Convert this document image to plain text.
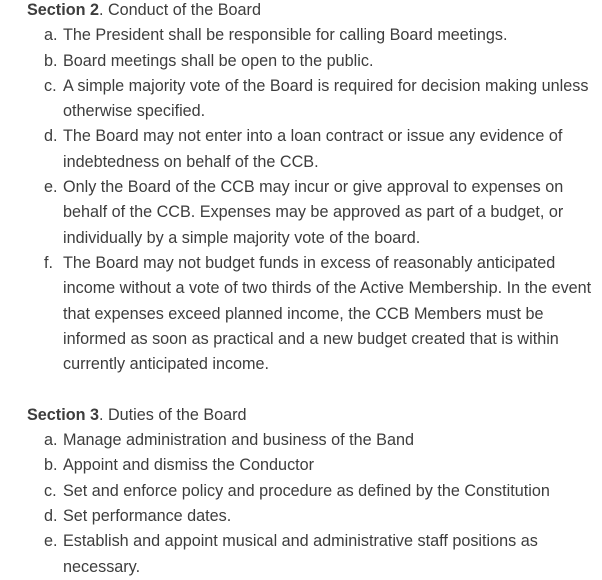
Section 2. Conduct of the Board

a. The President shall be responsible for calling Board meetings.
b. Board meetings shall be open to the public.
c. A simple majority vote of the Board is required for decision making unless otherwise specified.
d. The Board may not enter into a loan contract or issue any evidence of indebtedness on behalf of the CCB.
e. Only the Board of the CCB may incur or give approval to expenses on behalf of the CCB. Expenses may be approved as part of a budget, or individually by a simple majority vote of the board.
f. The Board may not budget funds in excess of reasonably anticipated income without a vote of two thirds of the Active Membership. In the event that expenses exceed planned income, the CCB Members must be informed as soon as practical and a new budget created that is within currently anticipated income.

Section 3. Duties of the Board

a. Manage administration and business of the Band
b. Appoint and dismiss the Conductor
c. Set and enforce policy and procedure as defined by the Constitution
d. Set performance dates.
e. Establish and appoint musical and administrative staff positions as necessary.
